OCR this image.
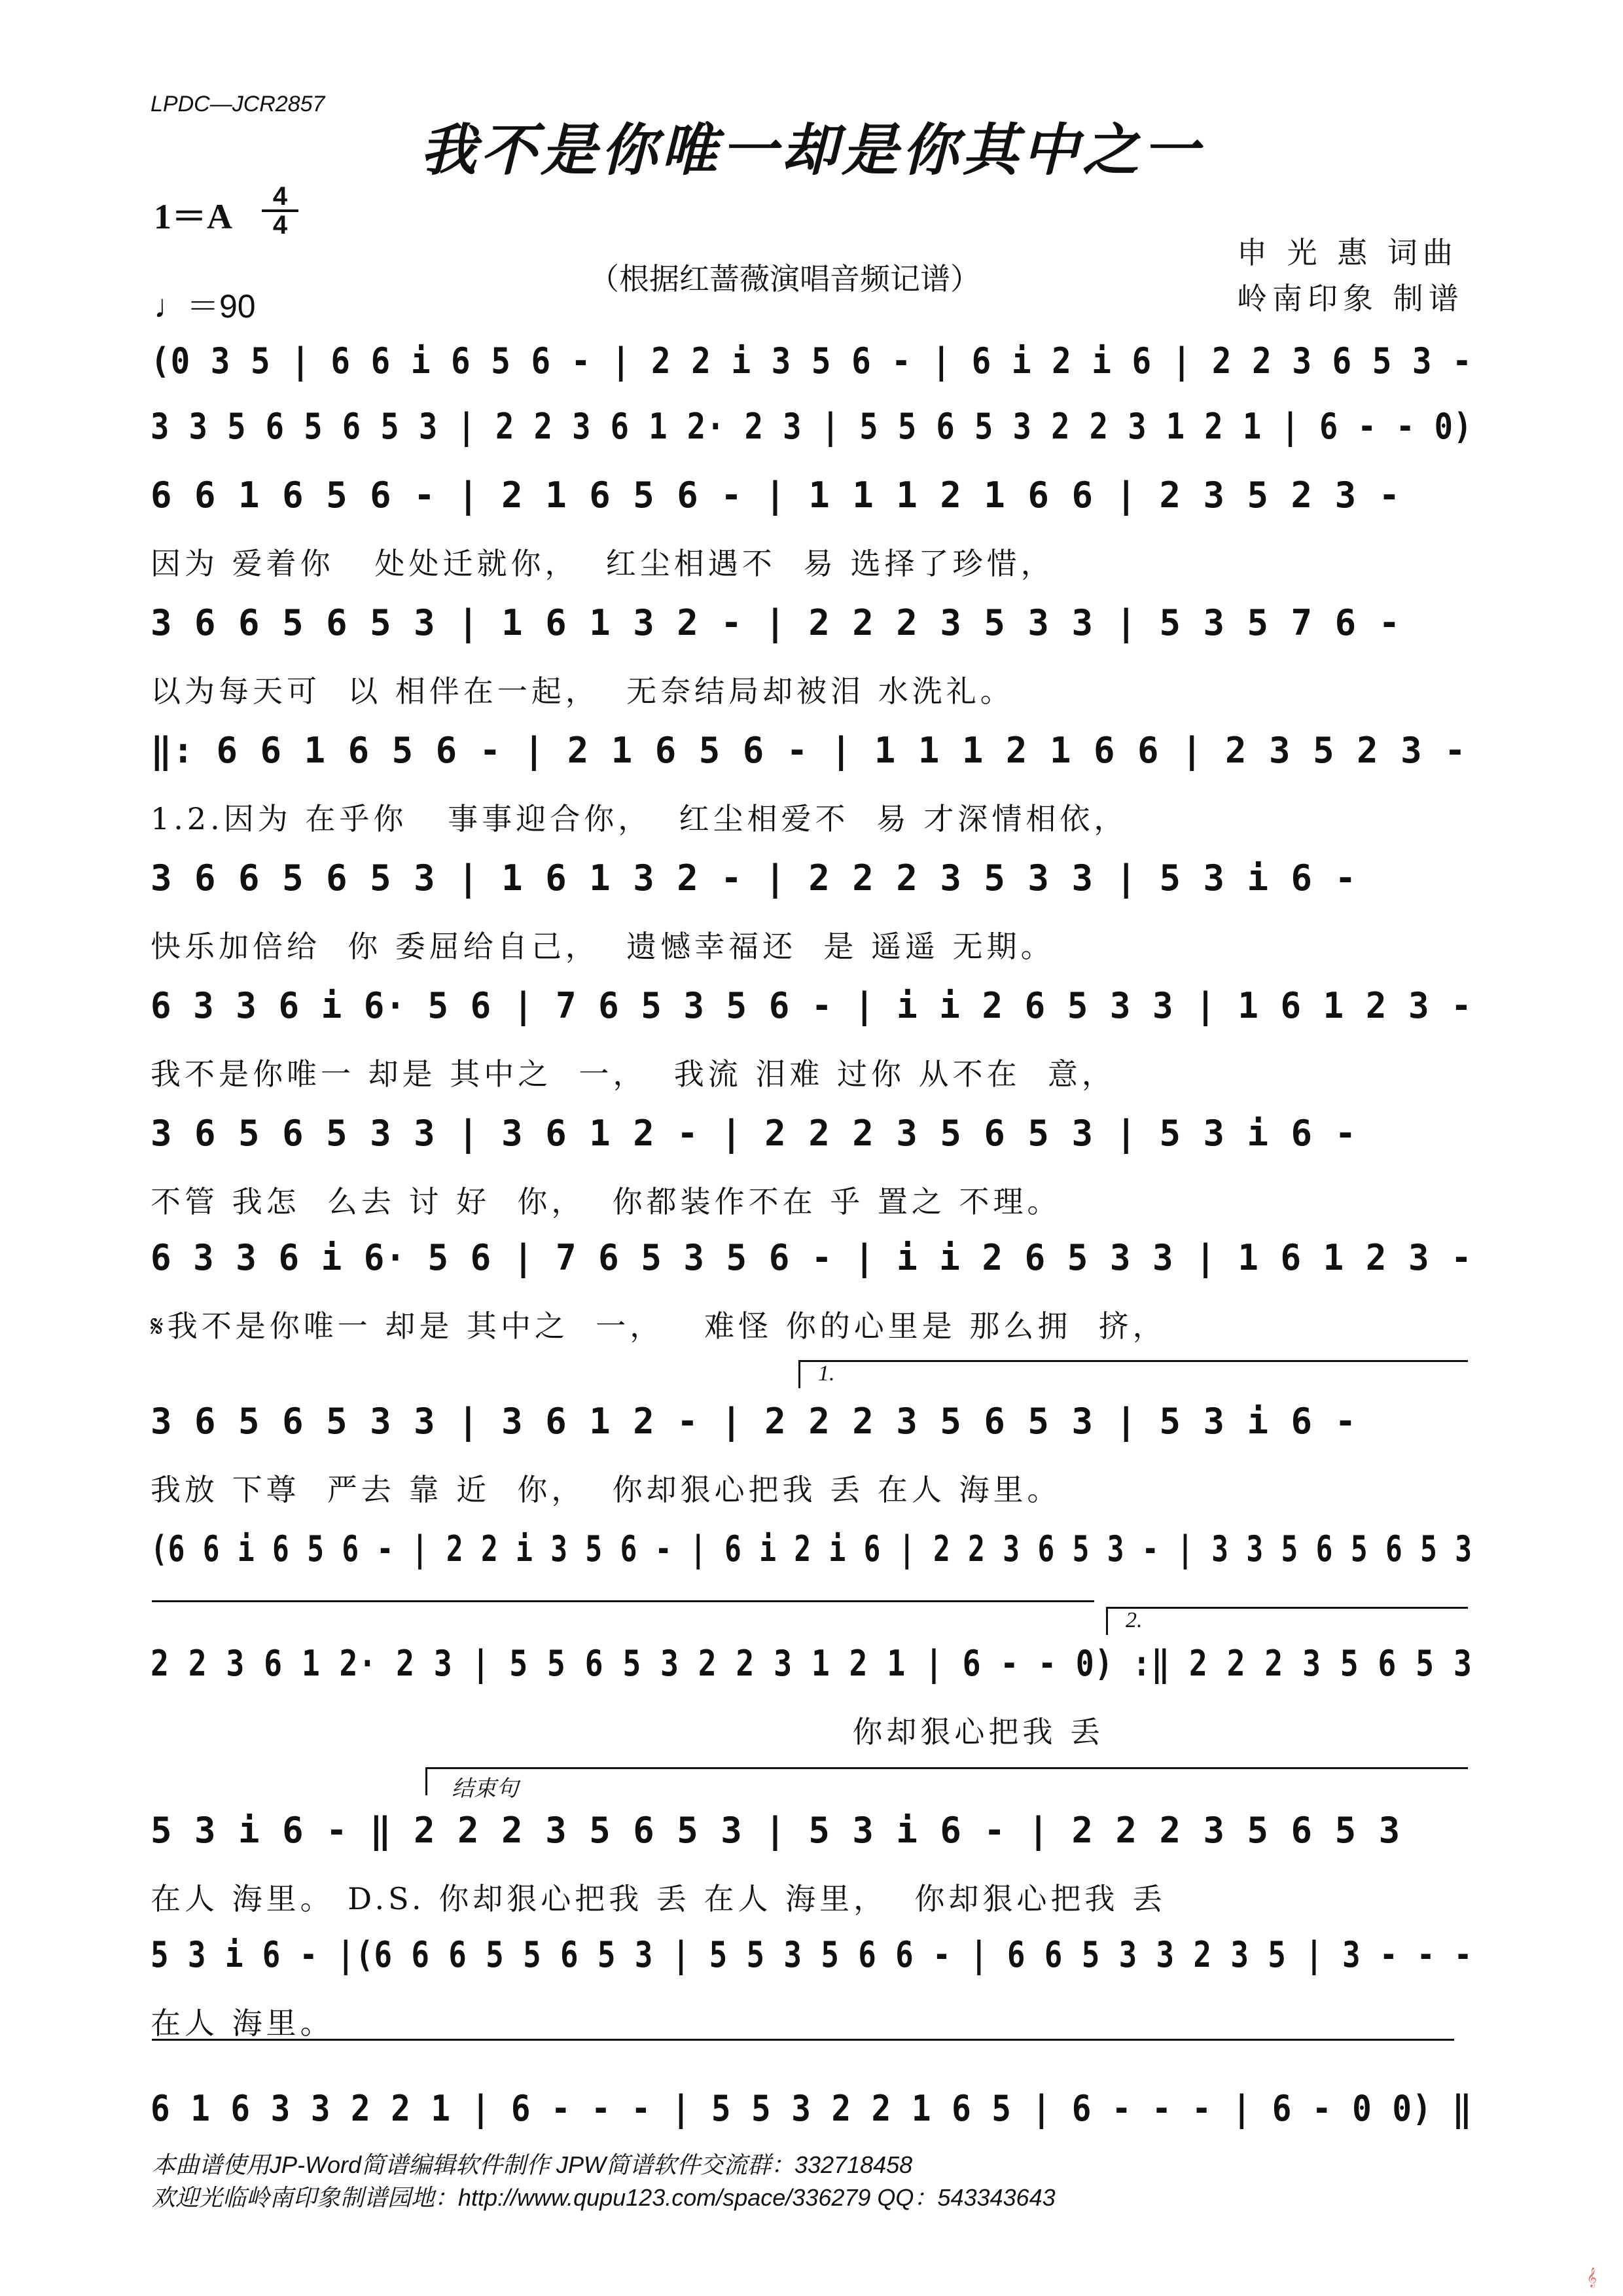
LPDC—JCR2857
我不是你唯一却是你其中之一
1＝A
4
4
♩＝90
（根据红蔷薇演唱音频记谱）
申 光 惠 词曲
岭南印象 制谱
(0 3 5 | 6 6 i 6 5 6 - | 2 2 i 3 5 6 - | 6 i 2 i 6 | 2 2 3 6 5 3 -
3 3 5 6 5 6 5 3 | 2 2 3 6 1 2· 2 3 | 5 5 6 5 3 2 2 3 1 2 1 | 6 - - 0)
6 6 1 6 5 6 - | 2 1 6 5 6 - | 1 1 1 2 1 6 6 | 2 3 5 2 3 -
因为 爱着你   处处迁就你，  红尘相遇不  易 选择了珍惜，
3 6 6 5 6 5 3 | 1 6 1 3 2 - | 2 2 2 3 5 3 3 | 5 3 5 7 6 -
以为每天可  以 相伴在一起，  无奈结局却被泪 水洗礼。
‖: 6 6 1 6 5 6 - | 2 1 6 5 6 - | 1 1 1 2 1 6 6 | 2 3 5 2 3 -
1.2.因为 在乎你   事事迎合你，  红尘相爱不  易 才深情相依，
3 6 6 5 6 5 3 | 1 6 1 3 2 - | 2 2 2 3 5 3 3 | 5 3 i 6 -
快乐加倍给  你 委屈给自己，  遗憾幸福还  是 遥遥 无期。
6 3 3 6 i 6· 5 6 | 7 6 5 3 5 6 - | i i 2 6 5 3 3 | 1 6 1 2 3 -
我不是你唯一 却是 其中之  一，  我流 泪难 过你 从不在  意，
3 6 5 6 5 3 3 | 3 6 1 2 - | 2 2 2 3 5 6 5 3 | 5 3 i 6 -
不管 我怎  么去 讨 好  你，  你都装作不在 乎 置之 不理。
6 3 3 6 i 6· 5 6 | 7 6 5 3 5 6 - | i i 2 6 5 3 3 | 1 6 1 2 3 -
𝄋我不是你唯一 却是 其中之  一，   难怪 你的心里是 那么拥  挤，
1.
3 6 5 6 5 3 3 | 3 6 1 2 - | 2 2 2 3 5 6 5 3 | 5 3 i 6 -
我放 下尊  严去 靠 近  你，  你却狠心把我 丢 在人 海里。
(6 6 i 6 5 6 - | 2 2 i 3 5 6 - | 6 i 2 i 6 | 2 2 3 6 5 3 - | 3 3 5 6 5 6 5 3
2.
2 2 3 6 1 2· 2 3 | 5 5 6 5 3 2 2 3 1 2 1 | 6 - - 0) :‖ 2 2 2 3 5 6 5 3
你却狠心把我 丢
结束句
5 3 i 6 - ‖ 2 2 2 3 5 6 5 3 | 5 3 i 6 - | 2 2 2 3 5 6 5 3
在人 海里。 D.S. 你却狠心把我 丢 在人 海里，  你却狠心把我 丢
5 3 i 6 - |(6 6 6 5 5 6 5 3 | 5 5 3 5 6 6 - | 6 6 5 3 3 2 3 5 | 3 - - -
在人 海里。
6 1 6 3 3 2 2 1 | 6 - - - | 5 5 3 2 2 1 6 5 | 6 - - - | 6 - 0 0) ‖
本曲谱使用JP-Word简谱编辑软件制作 JPW简谱软件交流群：332718458
欢迎光临岭南印象制谱园地：http://www.qupu123.com/space/336279 QQ：543343643
𝄞
